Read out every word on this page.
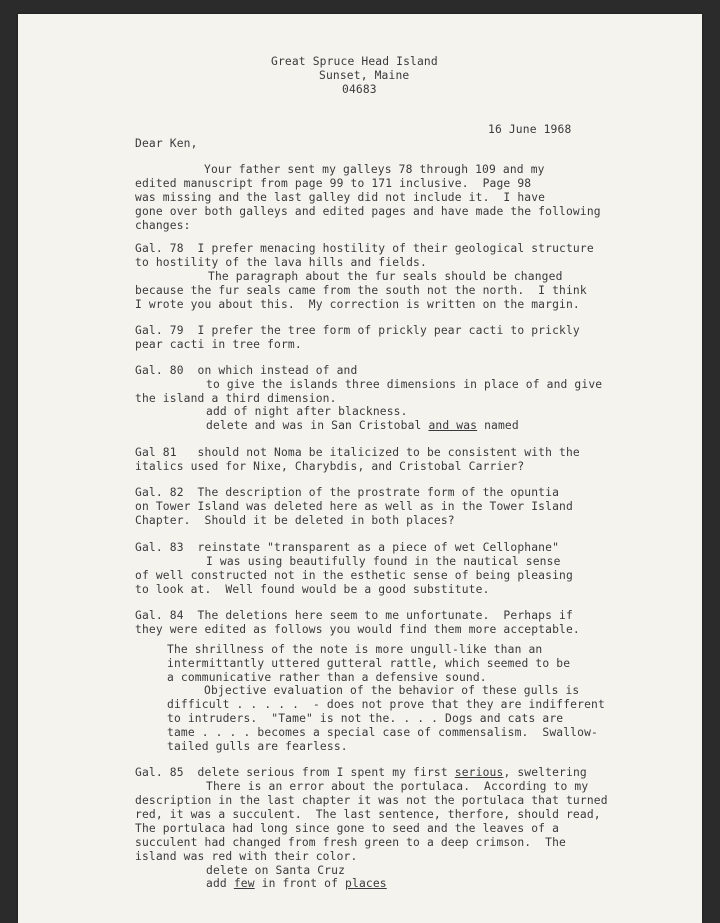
Great Spruce Head Island
Sunset, Maine
04683
16 June 1968
Dear Ken,
Your father sent my galleys 78 through 109 and my
edited manuscript from page 99 to 171 inclusive.  Page 98
was missing and the last galley did not include it.  I have
gone over both galleys and edited pages and have made the following
changes:
Gal. 78  I prefer menacing hostility of their geological structure
to hostility of the lava hills and fields.
The paragraph about the fur seals should be changed
because the fur seals came from the south not the north.  I think
I wrote you about this.  My correction is written on the margin.
Gal. 79  I prefer the tree form of prickly pear cacti to prickly
pear cacti in tree form.
Gal. 80  on which instead of and
to give the islands three dimensions in place of and give
the island a third dimension.
add of night after blackness.
delete and was in San Cristobal and was named
Gal 81   should not Noma be italicized to be consistent with the
italics used for Nixe, Charybdis, and Cristobal Carrier?
Gal. 82  The description of the prostrate form of the opuntia
on Tower Island was deleted here as well as in the Tower Island
Chapter.  Should it be deleted in both places?
Gal. 83  reinstate "transparent as a piece of wet Cellophane"
I was using beautifully found in the nautical sense
of well constructed not in the esthetic sense of being pleasing
to look at.  Well found would be a good substitute.
Gal. 84  The deletions here seem to me unfortunate.  Perhaps if
they were edited as follows you would find them more acceptable.
The shrillness of the note is more ungull-like than an
intermittantly uttered gutteral rattle, which seemed to be
a communicative rather than a defensive sound.
Objective evaluation of the behavior of these gulls is
difficult . . . . .  - does not prove that they are indifferent
to intruders.  "Tame" is not the. . . . Dogs and cats are
tame . . . . becomes a special case of commensalism.  Swallow-
tailed gulls are fearless.
Gal. 85  delete serious from I spent my first serious, sweltering
There is an error about the portulaca.  According to my
description in the last chapter it was not the portulaca that turned
red, it was a succulent.  The last sentence, therfore, should read,
The portulaca had long since gone to seed and the leaves of a
succulent had changed from fresh green to a deep crimson.  The
island was red with their color.
delete on Santa Cruz
add few in front of places
